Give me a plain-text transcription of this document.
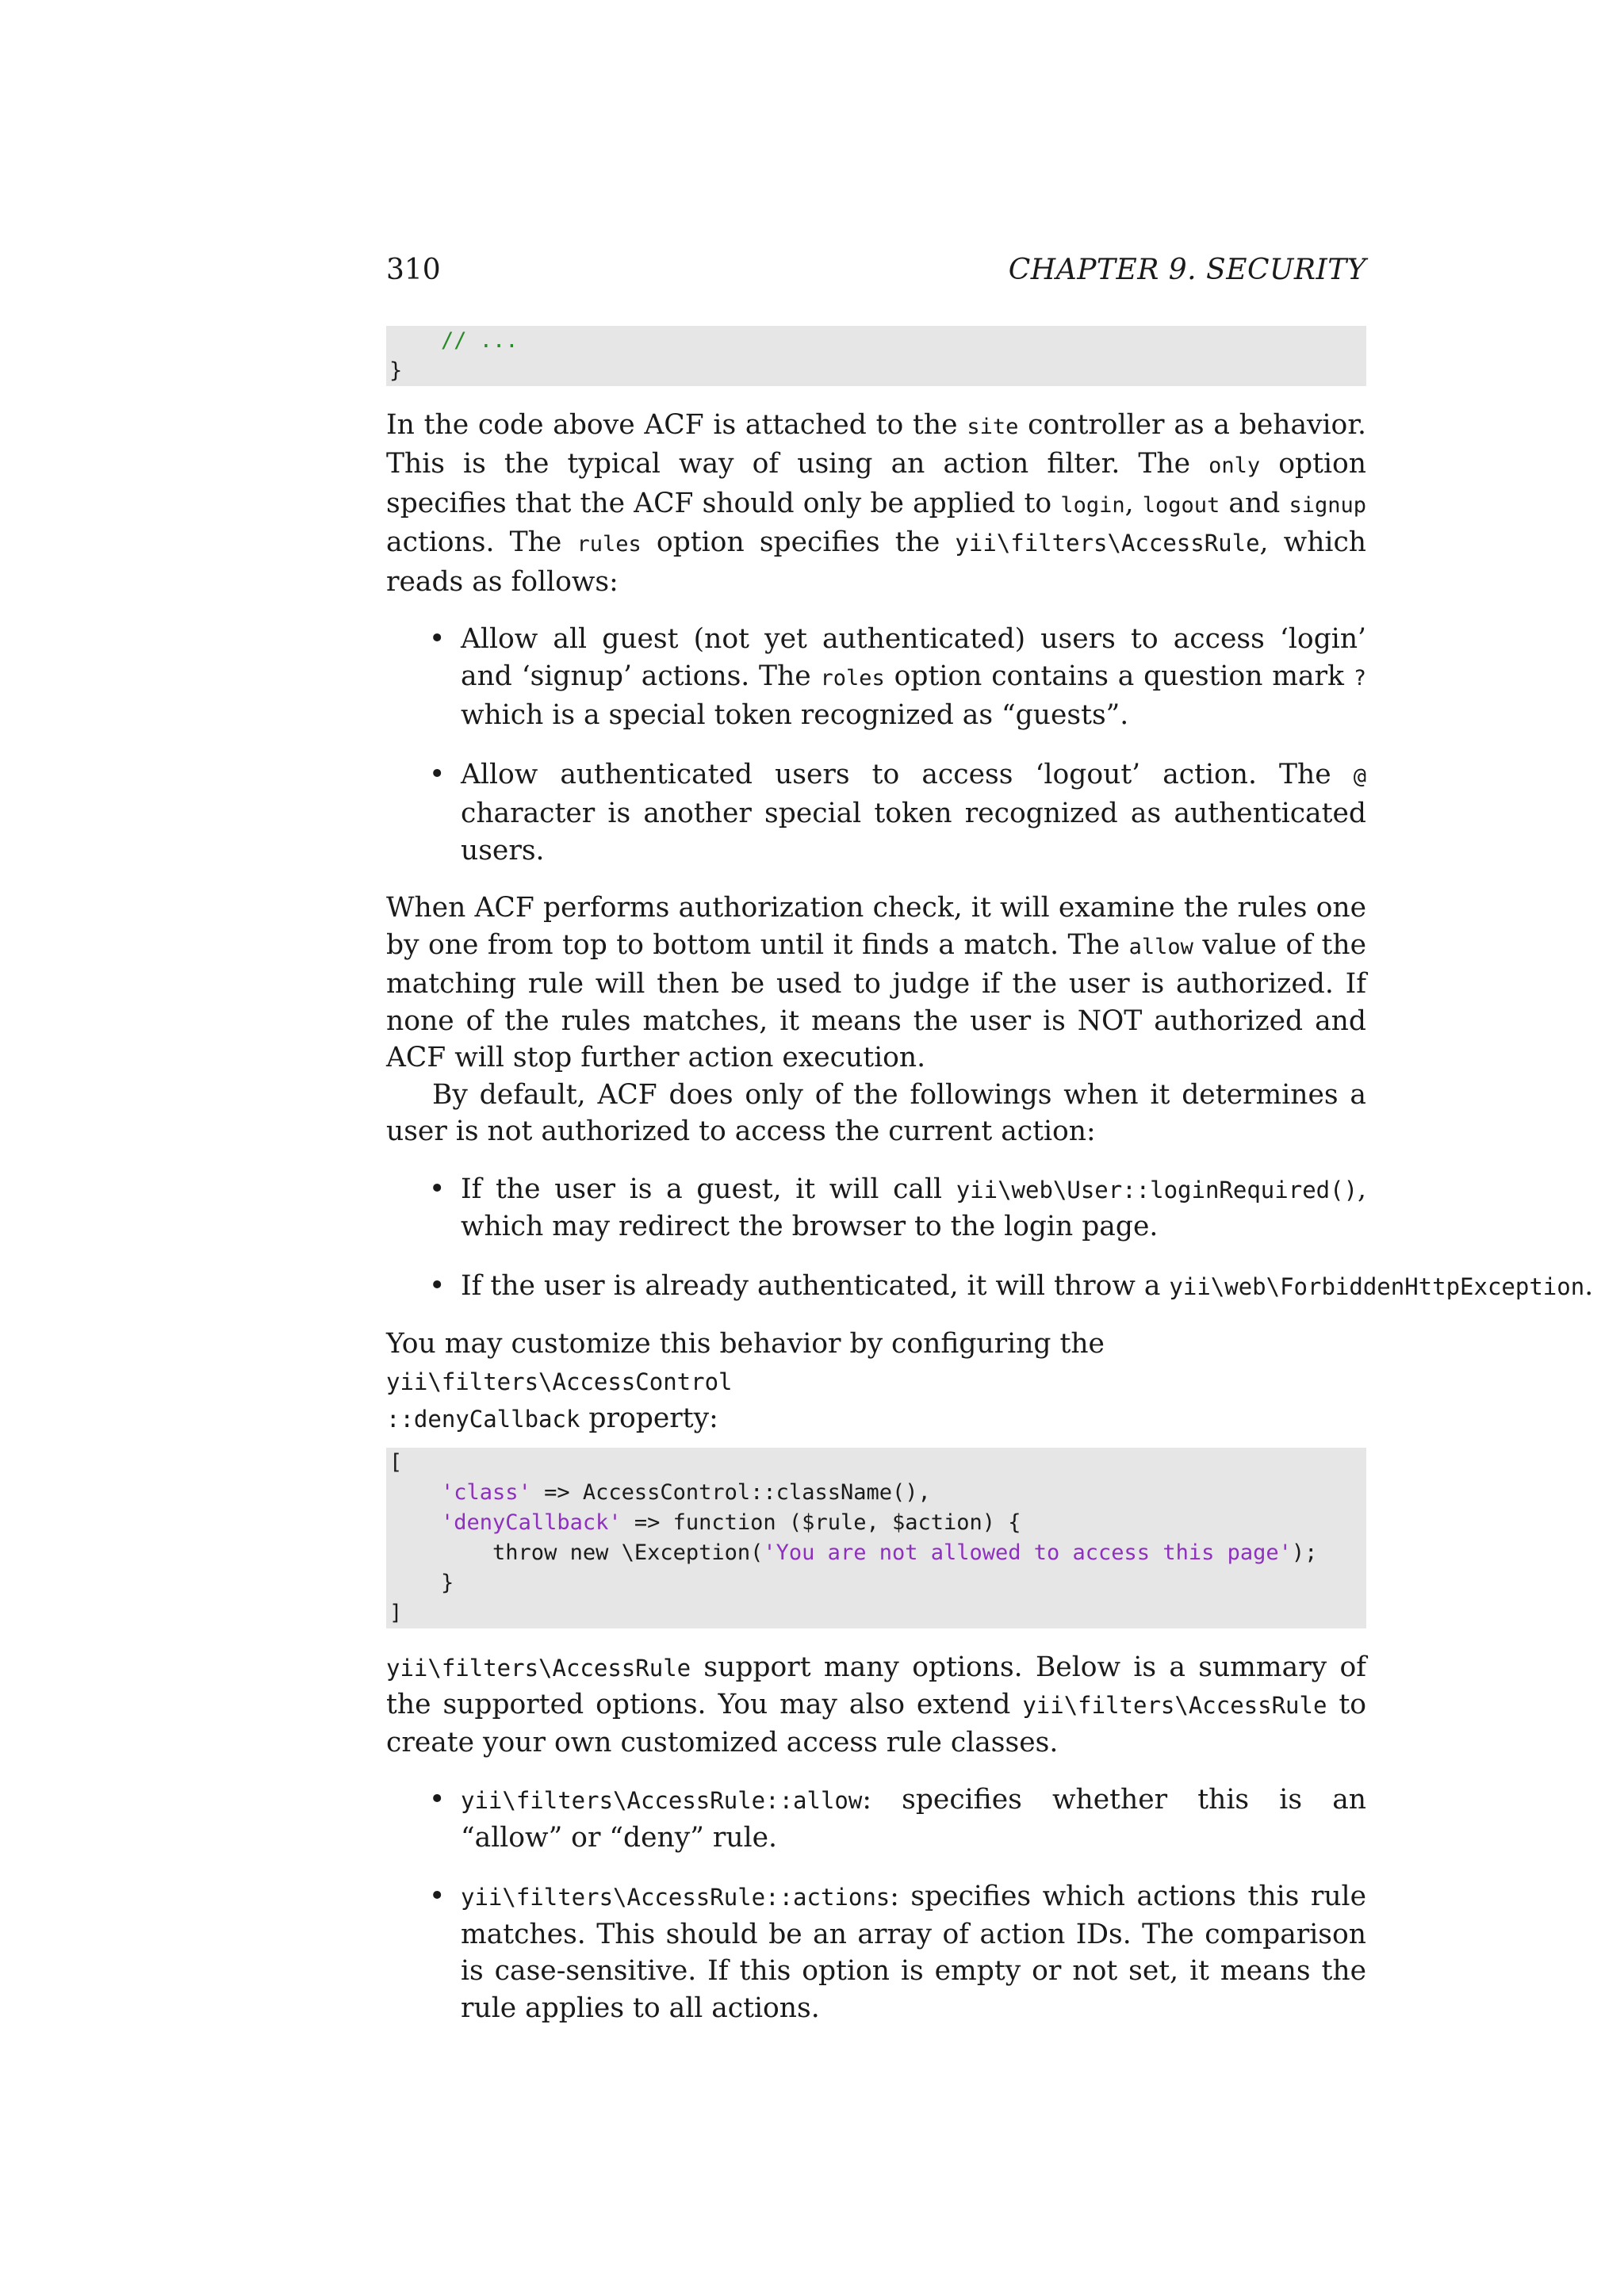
310	CHAPTER 9. SECURITY
// ...
}

In the code above ACF is attached to the site controller as a behavior. This is the typical way of using an action filter. The only option specifies that the ACF should only be applied to login, logout and signup actions. The rules option specifies the yii\filters\AccessRule, which reads as follows:

• Allow all guest (not yet authenticated) users to access ‘login’ and ‘signup’ actions. The roles option contains a question mark ? which is a special token recognized as “guests”.
• Allow authenticated users to access ‘logout’ action. The @ character is another special token recognized as authenticated users.

When ACF performs authorization check, it will examine the rules one by one from top to bottom until it finds a match. The allow value of the matching rule will then be used to judge if the user is authorized. If none of the rules matches, it means the user is NOT authorized and ACF will stop further action execution.

By default, ACF does only of the followings when it determines a user is not authorized to access the current action:

• If the user is a guest, it will call yii\web\User::loginRequired(), which may redirect the browser to the login page.
• If the user is already authenticated, it will throw a yii\web\ForbiddenHttpException.

You may customize this behavior by configuring the yii\filters\AccessControl
::denyCallback property:

[
'class' => AccessControl::className(),
'denyCallback' => function ($rule, $action) {
throw new \Exception('You are not allowed to access this page');
}
]

yii\filters\AccessRule support many options. Below is a summary of the supported options. You may also extend yii\filters\AccessRule to create your own customized access rule classes.

• yii\filters\AccessRule::allow: specifies whether this is an “allow” or “deny” rule.
• yii\filters\AccessRule::actions: specifies which actions this rule matches. This should be an array of action IDs. The comparison is case-sensitive. If this option is empty or not set, it means the rule applies to all actions.
